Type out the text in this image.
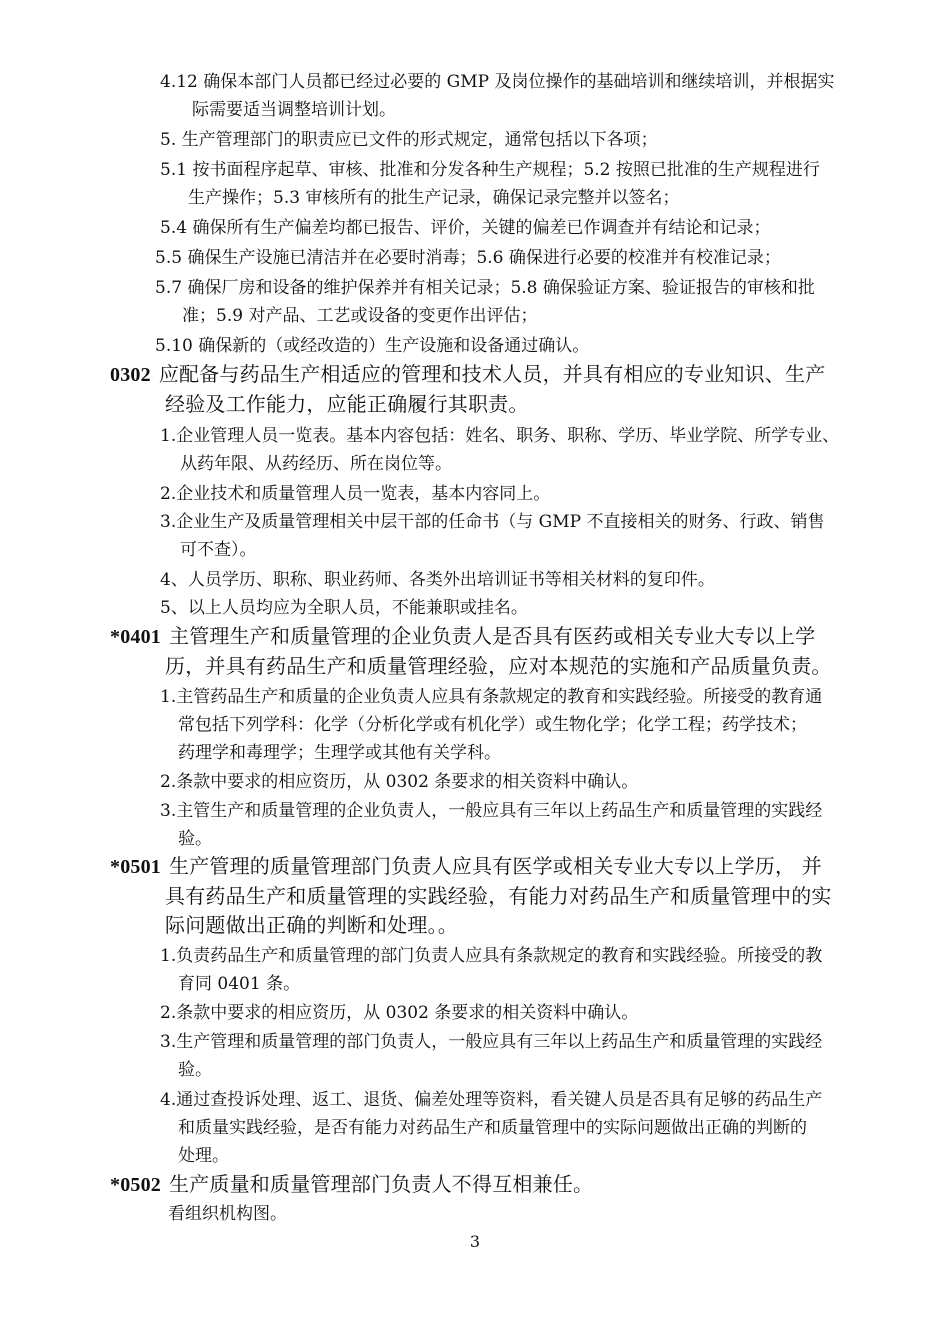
3
4.12 确保本部门人员都已经过必要的 GMP 及岗位操作的基础培训和继续培训，并根据实
际需要适当调整培训计划。
5. 生产管理部门的职责应已文件的形式规定，通常包括以下各项；
5.1 按书面程序起草、审核、批准和分发各种生产规程；5.2 按照已批准的生产规程进行
生产操作；5.3 审核所有的批生产记录，确保记录完整并以签名；
5.4 确保所有生产偏差均都已报告、评价，关键的偏差已作调查并有结论和记录；
5.5 确保生产设施已清洁并在必要时消毒；5.6 确保进行必要的校准并有校准记录；
5.7 确保厂房和设备的维护保养并有相关记录；5.8 确保验证方案、验证报告的审核和批
准；5.9 对产品、工艺或设备的变更作出评估；
5.10 确保新的（或经改造的）生产设施和设备通过确认。
0302 应配备与药品生产相适应的管理和技术人员，并具有相应的专业知识、生产
经验及工作能力，应能正确履行其职责。
1.企业管理人员一览表。基本内容包括：姓名、职务、职称、学历、毕业学院、所学专业、
从药年限、从药经历、所在岗位等。
2.企业技术和质量管理人员一览表，基本内容同上。
3.企业生产及质量管理相关中层干部的任命书（与 GMP 不直接相关的财务、行政、销售
可不查）。
4、人员学历、职称、职业药师、各类外出培训证书等相关材料的复印件。
5、以上人员均应为全职人员，不能兼职或挂名。
*0401 主管理生产和质量管理的企业负责人是否具有医药或相关专业大专以上学
历，并具有药品生产和质量管理经验，应对本规范的实施和产品质量负责。
1.主管药品生产和质量的企业负责人应具有条款规定的教育和实践经验。所接受的教育通
常包括下列学科：化学（分析化学或有机化学）或生物化学；化学工程；药学技术；
药理学和毒理学；生理学或其他有关学科。
2.条款中要求的相应资历，从 0302 条要求的相关资料中确认。
3.主管生产和质量管理的企业负责人，一般应具有三年以上药品生产和质量管理的实践经
验。
*0501 生产管理的质量管理部门负责人应具有医学或相关专业大专以上学历， 并
具有药品生产和质量管理的实践经验，有能力对药品生产和质量管理中的实
际问题做出正确的判断和处理。。
1.负责药品生产和质量管理的部门负责人应具有条款规定的教育和实践经验。所接受的教
育同 0401 条。
2.条款中要求的相应资历，从 0302 条要求的相关资料中确认。
3.生产管理和质量管理的部门负责人，一般应具有三年以上药品生产和质量管理的实践经
验。
4.通过查投诉处理、返工、退货、偏差处理等资料，看关键人员是否具有足够的药品生产
和质量实践经验，是否有能力对药品生产和质量管理中的实际问题做出正确的判断的
处理。
*0502 生产质量和质量管理部门负责人不得互相兼任。
看组织机构图。
